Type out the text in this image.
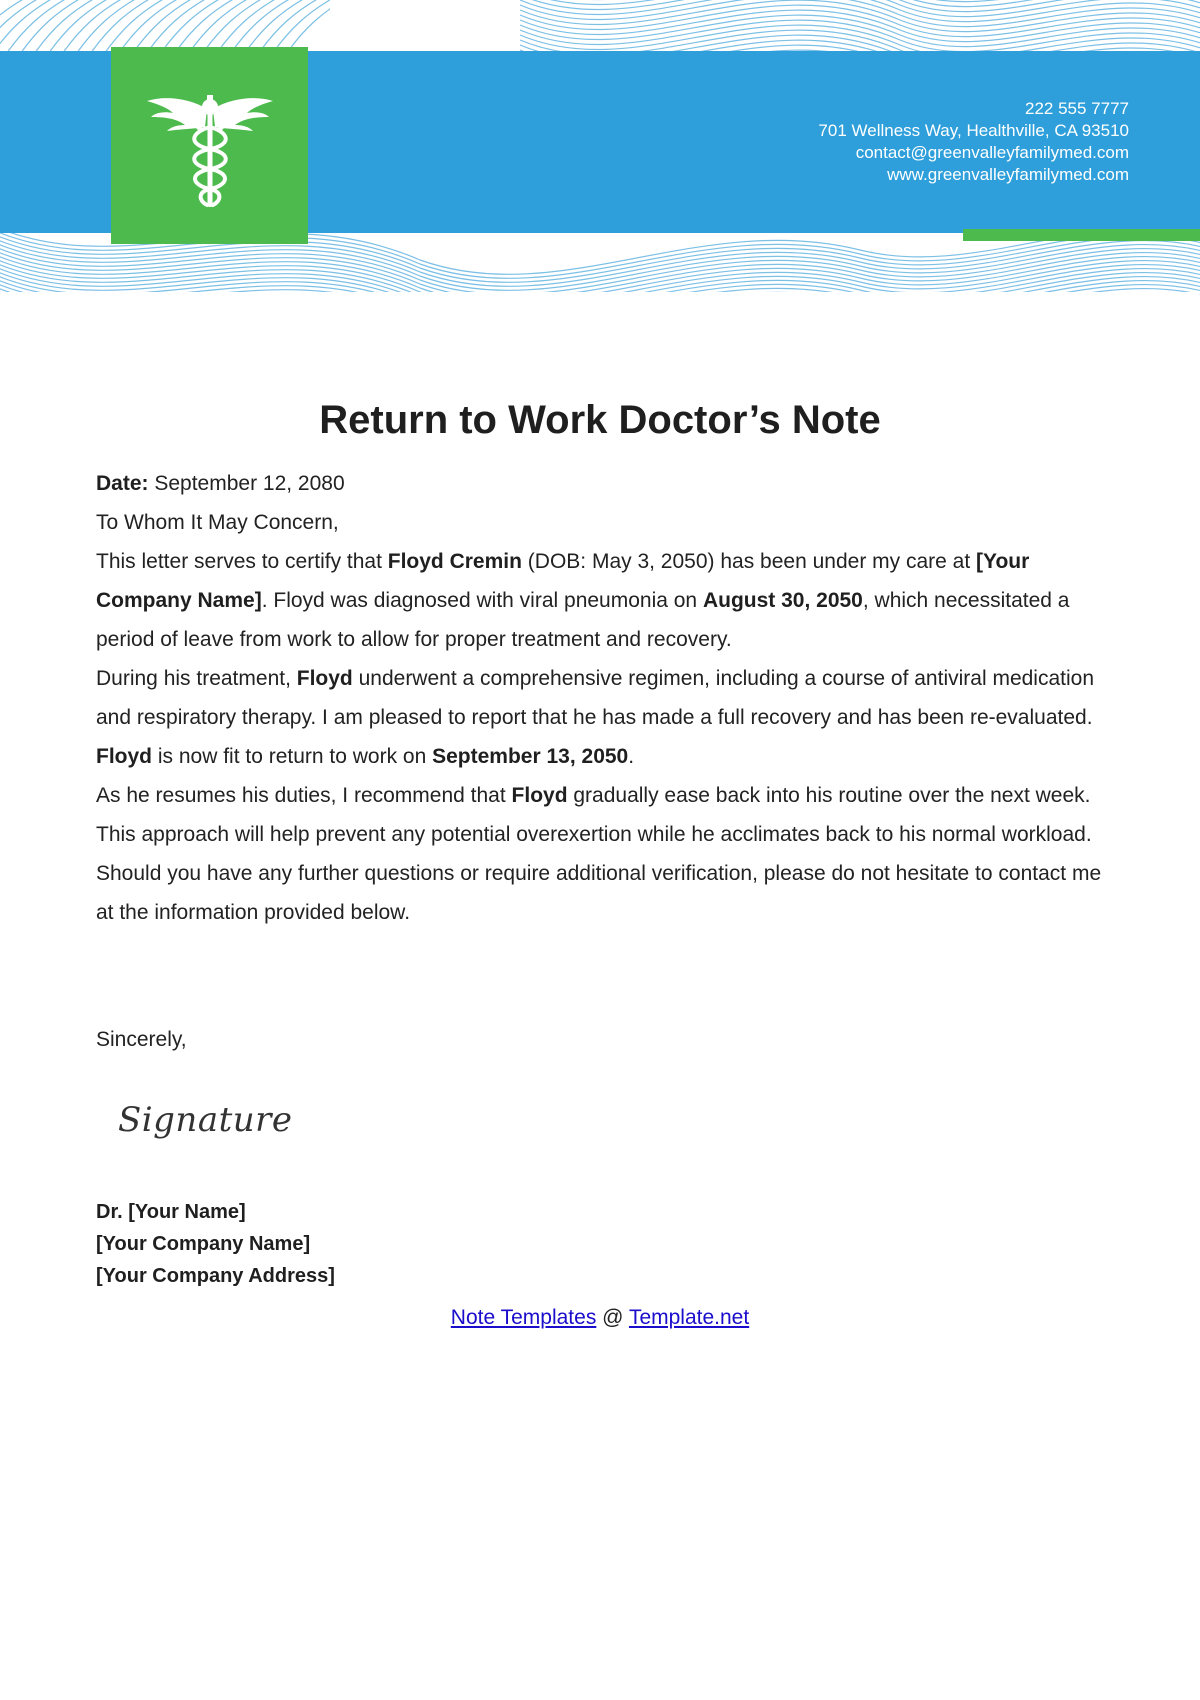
222 555 7777
701 Wellness Way, Healthville, CA 93510
contact@greenvalleyfamilymed.com
www.greenvalleyfamilymed.com
Return to Work Doctor’s Note

Date: September 12, 2080

To Whom It May Concern,

This letter serves to certify that Floyd Cremin (DOB: May 3, 2050) has been under my care at [Your Company Name]. Floyd was diagnosed with viral pneumonia on August 30, 2050, which necessitated a period of leave from work to allow for proper treatment and recovery.

During his treatment, Floyd underwent a comprehensive regimen, including a course of antiviral medication and respiratory therapy. I am pleased to report that he has made a full recovery and has been re-evaluated. Floyd is now fit to return to work on September 13, 2050.

As he resumes his duties, I recommend that Floyd gradually ease back into his routine over the next week. This approach will help prevent any potential overexertion while he acclimates back to his normal workload.

Should you have any further questions or require additional verification, please do not hesitate to contact me at the information provided below.

Sincerely,

Signature
Dr. [Your Name]
[Your Company Name]
[Your Company Address]
Note Templates @ Template.net
